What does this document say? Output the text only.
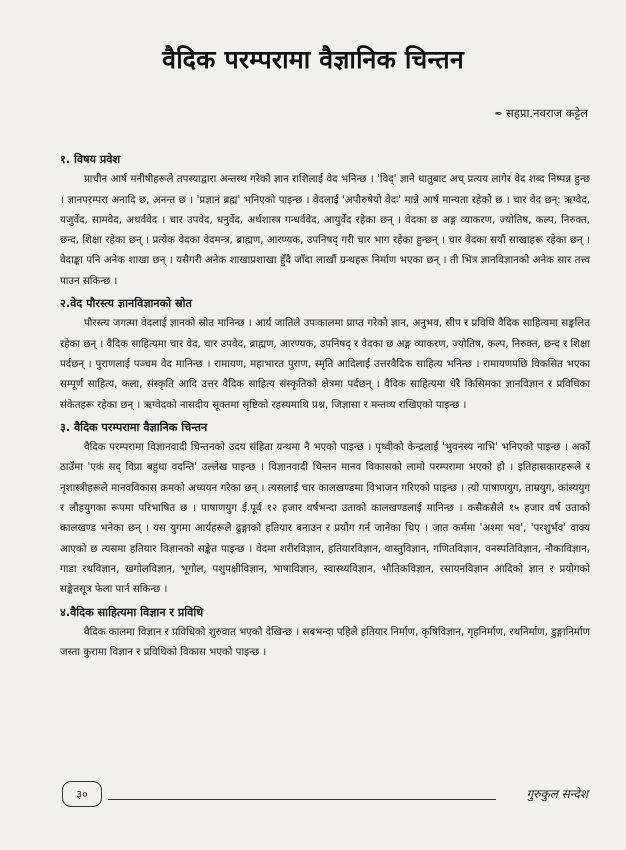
वैदिक परम्परामा वैज्ञानिक चिन्तन
✒ सहप्रा.नवराज कट्टेल

१. विषय प्रवेश

प्राचीन आर्ष मनीषीहरूले तपस्याद्वारा अन्तस्थ गरेको ज्ञान राशिलाई वेद भनिन्छ । 'विद्' ज्ञाने धातुबाट अच् प्रत्यय लागेर वेद शब्द निष्पन्न हुन्छ । ज्ञानपरम्परा अनादि छ, अनन्त छ । 'प्रज्ञानं ब्रह्म' भनिएको पाइन्छ । वेदलाई 'अपौरुषेयो वेदः' मान्ने आर्ष मान्यता रहेको छ । चार वेद छन्: ऋग्वेद, यजुर्वेद, सामवेद, अथर्ववेद । चार उपवेद, धनुर्वेद, अर्थशास्त्र गन्धर्ववेद, आयुर्वेद रहेका छन् । वेदका छ अङ्ग व्याकरण, ज्योतिष, कल्प, निरुक्त, छन्द, शिक्षा रहेका छन् । प्रत्येक वेदका वेदमन्त्र, ब्राह्मण, आरण्यक, उपनिषद् गरी चार भाग रहेका हुन्छन् । चार वेदका सयौं साखाहरू रहेका छन् । वेदाङ्का पनि अनेक शाखा छन् । यसैगरी अनेक शाखाप्रशाखा हुँदै जाँदा लाखौं ग्रन्थहरू निर्माण भएका छन् । ती भित्र ज्ञानविज्ञानको अनेक सार तत्त्व पाउन सकिन्छ ।

२.वेद पौरस्त्य ज्ञानविज्ञानको स्रोत

पौरस्त्य जगत्मा वेदलाई ज्ञानको स्रोत मानिन्छ । आर्य जातिले उपःकालमा प्राप्त गरेको ज्ञान, अनुभव, सीप र प्रविधि वैदिक साहित्यमा सङ्कलित रहेका छन् । वैदिक साहित्यमा चार वेद, चार उपवेद, ब्राह्मण, आरण्यक, उपनिषद् र वेदका छ अङ्ग व्याकरण, ज्योतिष, कल्प, निरुक्त, छन्द र शिक्षा पर्दछन् । पुराणलाई पञ्चम वेद मानिन्छ । रामायण, महाभारत पुराण, स्मृति आदिलाई उत्तरवैदिक साहित्य भनिन्छ । रामायणपछि विकसित भएका सम्पूर्ण साहित्य, कला, संस्कृति आदि उत्तर वैदिक साहित्य संस्कृतिको क्षेत्रमा पर्दछन् । वैदिक साहित्यमा धेरै किसिमका ज्ञानविज्ञान र प्रविधिका संकेतहरू रहेका छन् । ऋग्वेदको नासदीय सूक्तमा सृष्टिको रहस्यमाथि प्रश्न, जिज्ञासा र मन्तव्य राखिएको पाइन्छ ।

३. वैदिक परम्परामा वैज्ञानिक चिन्तन

वैदिक परम्परामा विज्ञानवादी चिन्तनको उदय संहिता ग्रन्थमा नै भएको पाइन्छ । पृथ्वीको केन्द्रलाई 'भुवनस्य नाभि' भनिएको पाइन्छ । अर्को ठाउँमा 'एकं सद् विप्रा बहुधा वदन्ति' उल्लेख पाइन्छ । विज्ञानवादी चिन्तन मानव विकासको लामो परम्परामा भएको हो । इतिहासकारहरूले र नृशास्त्रीहरूले मानवविकास क्रमको अध्ययन गरेका छन् । त्यसलाई चार कालखण्डमा विभाजन गरिएको पाइन्छ । त्यो पाषाणयुग, ताम्रयुग, कांस्ययुग र लौहयुगका रूपमा परिभाषित छ । पाषाणयुग ई.पूर्व १२ हजार वर्षभन्दा उताको कालखण्डलाई मानिन्छ । कसैकसैले १५ हजार वर्ष उताको कालखण्ड भनेका छन् । यस युगमा आर्यहरूले ढुङ्गाको हतियार बनाउन र प्रयोग गर्न जानेका थिए । जात कर्ममा 'अश्मा भव', 'परशुर्भव' वाक्य आएको छ त्यसमा हतियार विज्ञानको सङ्केत पाइन्छ । वेदमा शरीरविज्ञान, हतियारविज्ञान, वास्तुविज्ञान, गणितविज्ञान, वनस्पतिविज्ञान, नौकाविज्ञान, गाडा रथविज्ञान, खगोलविज्ञान, भूगोल, पशुपक्षीविज्ञान, भाषाविज्ञान, स्वास्थ्यविज्ञान, भौतिकविज्ञान, रसायनविज्ञान आदिको ज्ञान र प्रयोगको सङ्केतसूत्र फेला पार्न सकिन्छ ।

४.वैदिक साहित्यमा विज्ञान र प्रविधि

वैदिक कालमा विज्ञान र प्रविधिको शुरुवात भएको देखिन्छ । सबभन्दा पहिले हतियार निर्माण, कृषिविज्ञान, गृहनिर्माण, रथनिर्माण, डुङ्गानिर्माण जस्ता कुरामा विज्ञान र प्रविधिको विकास भएको पाइन्छ ।

३०	गुरुकुल सन्देश
